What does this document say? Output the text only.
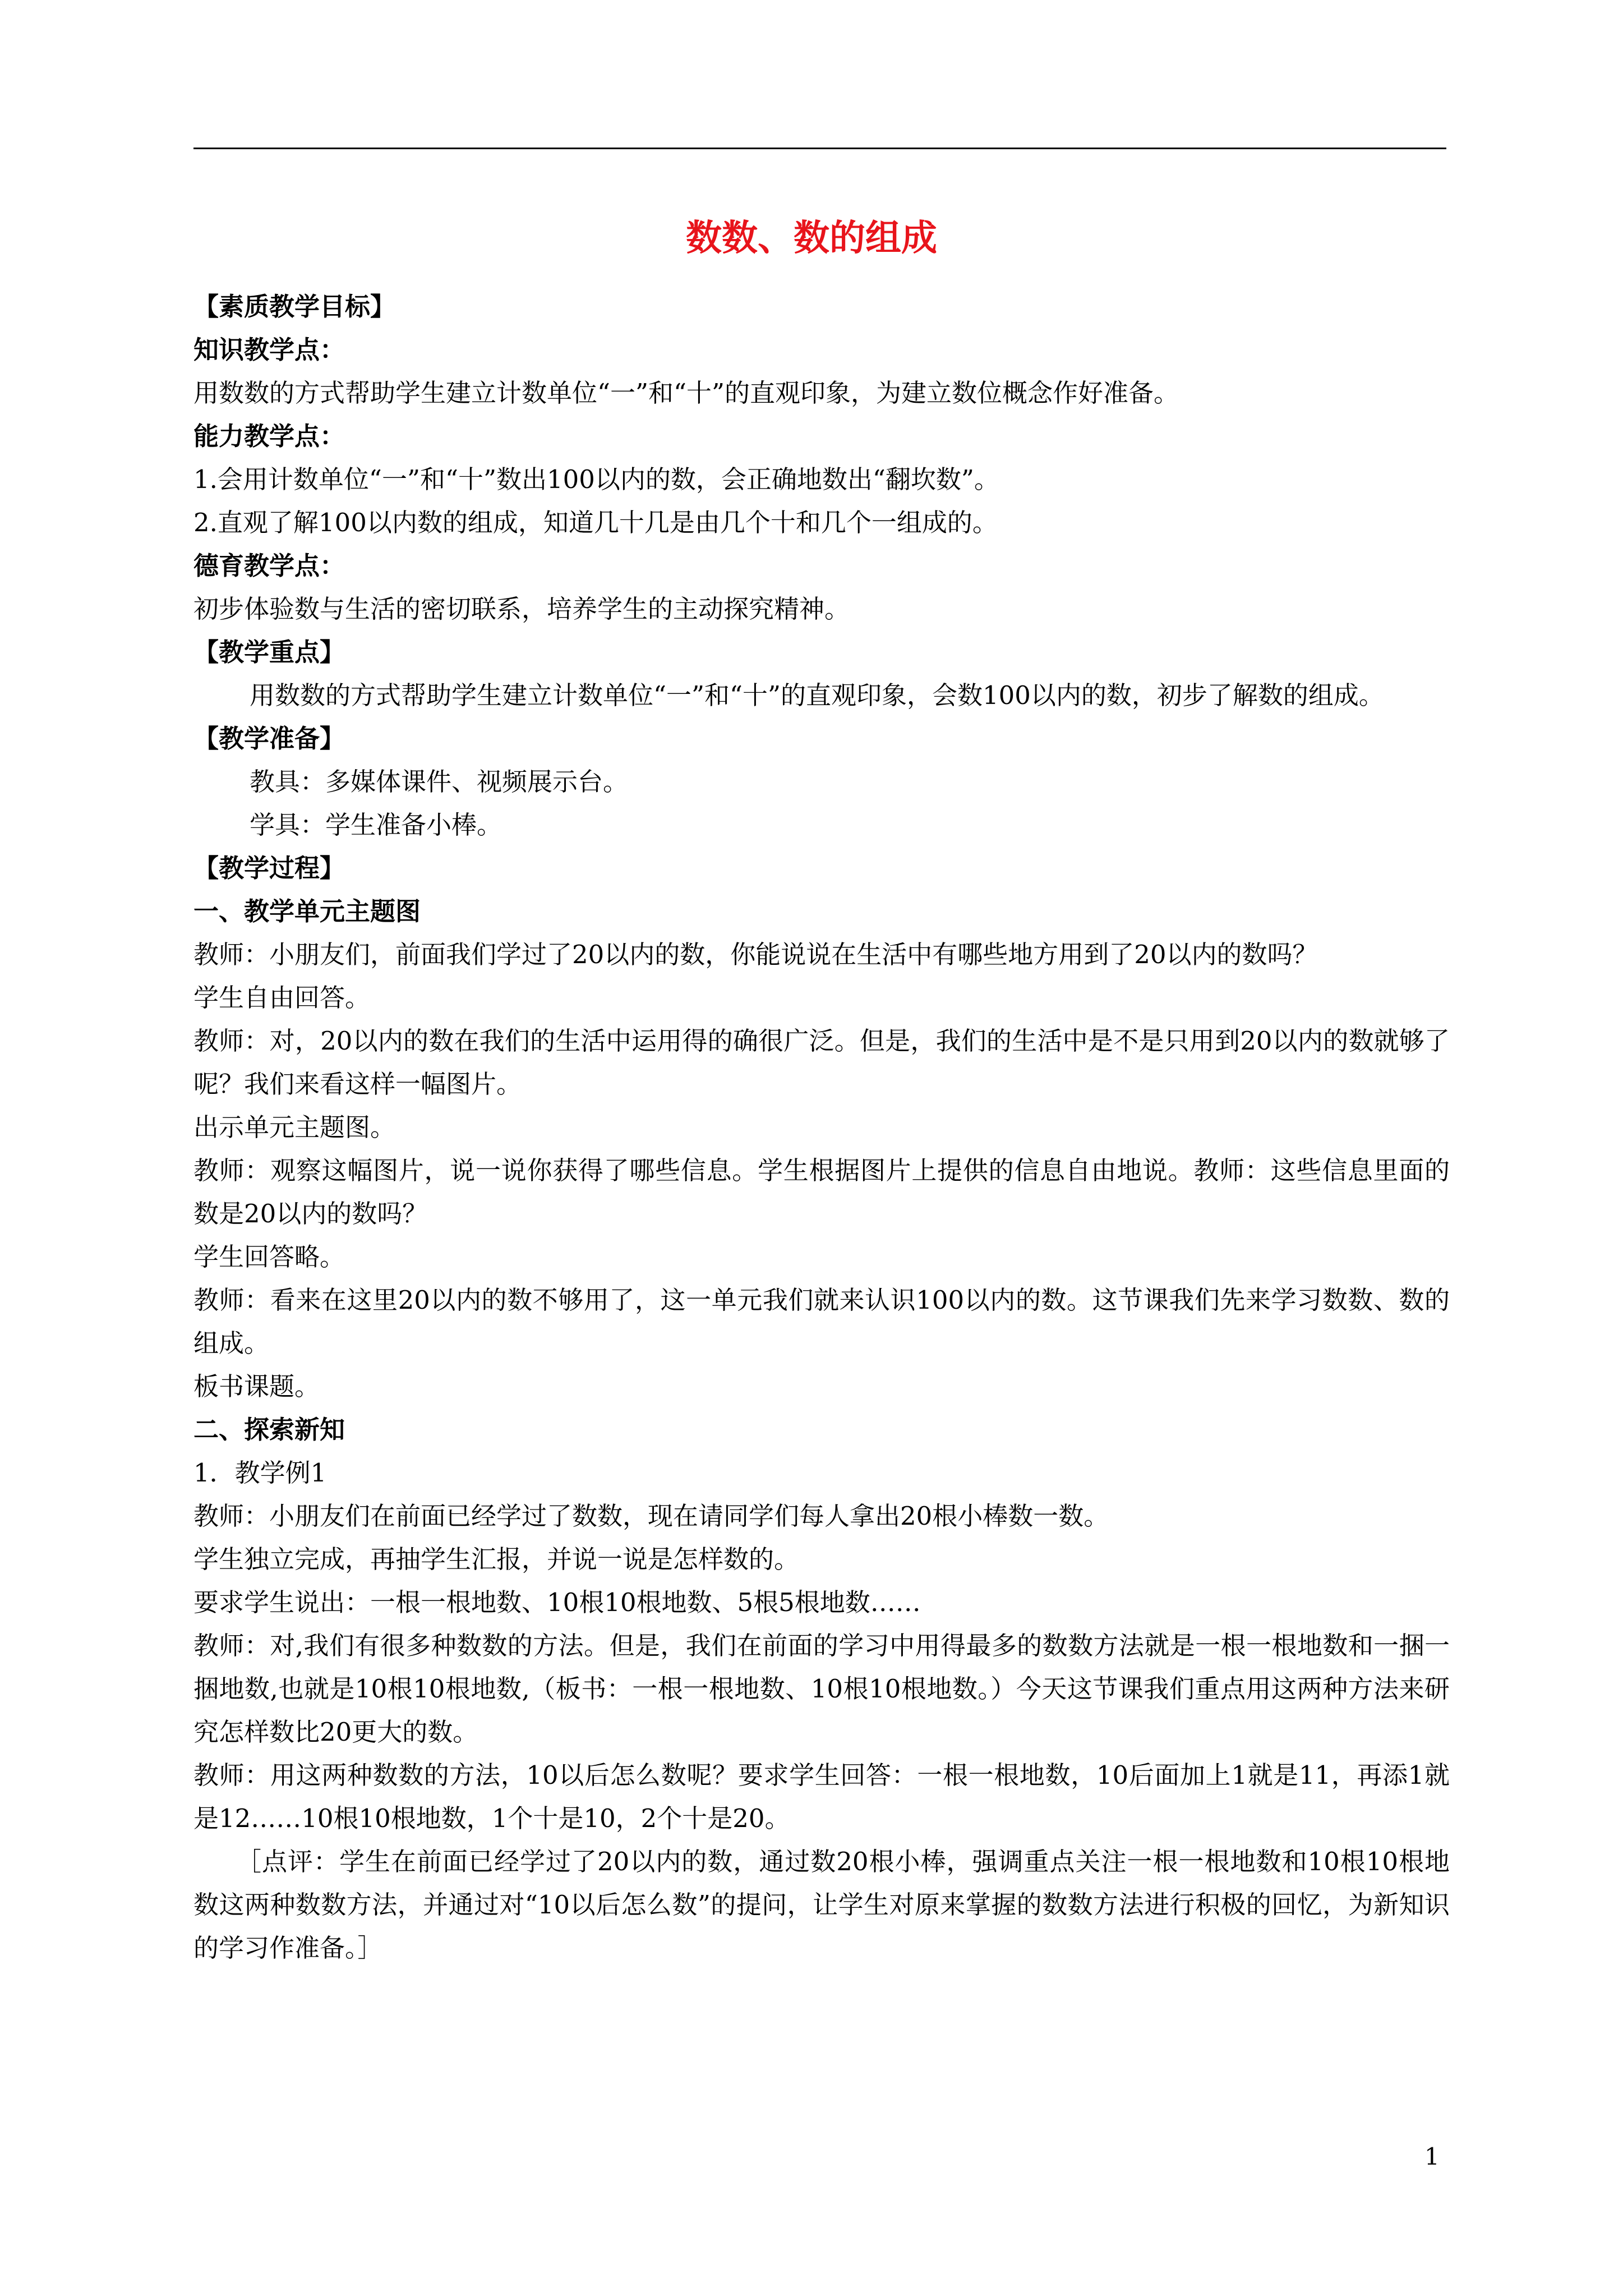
数数、数的组成
【素质教学目标】
知识教学点：
用数数的方式帮助学生建立计数单位“一”和“十”的直观印象，为建立数位概念作好准备。
能力教学点：
1.会用计数单位“一”和“十”数出100以内的数，会正确地数出“翻坎数”。
2.直观了解100以内数的组成，知道几十几是由几个十和几个一组成的。
德育教学点：
初步体验数与生活的密切联系，培养学生的主动探究精神。
【教学重点】
用数数的方式帮助学生建立计数单位“一”和“十”的直观印象，会数100以内的数，初步了解数的组成。
【教学准备】
教具：多媒体课件、视频展示台。
学具：学生准备小棒。
【教学过程】
一、教学单元主题图
教师：小朋友们，前面我们学过了20以内的数，你能说说在生活中有哪些地方用到了20以内的数吗？
学生自由回答。
教师：对，20以内的数在我们的生活中运用得的确很广泛。但是，我们的生活中是不是只用到20以内的数就够了呢？我们来看这样一幅图片。
出示单元主题图。
教师：观察这幅图片，说一说你获得了哪些信息。学生根据图片上提供的信息自由地说。教师：这些信息里面的数是20以内的数吗？
学生回答略。
教师：看来在这里20以内的数不够用了，这一单元我们就来认识100以内的数。这节课我们先来学习数数、数的组成。
板书课题。
二、探索新知
1．教学例1
教师：小朋友们在前面已经学过了数数，现在请同学们每人拿出20根小棒数一数。
学生独立完成，再抽学生汇报，并说一说是怎样数的。
要求学生说出：一根一根地数、10根10根地数、5根5根地数……
教师：对,我们有很多种数数的方法。但是，我们在前面的学习中用得最多的数数方法就是一根一根地数和一捆一捆地数,也就是10根10根地数,（板书：一根一根地数、10根10根地数。）今天这节课我们重点用这两种方法来研究怎样数比20更大的数。
教师：用这两种数数的方法，10以后怎么数呢？要求学生回答：一根一根地数，10后面加上1就是11，再添1就是12……10根10根地数，1个十是10，2个十是20。
［点评：学生在前面已经学过了20以内的数，通过数20根小棒，强调重点关注一根一根地数和10根10根地数这两种数数方法，并通过对“10以后怎么数”的提问，让学生对原来掌握的数数方法进行积极的回忆，为新知识的学习作准备。］
1
